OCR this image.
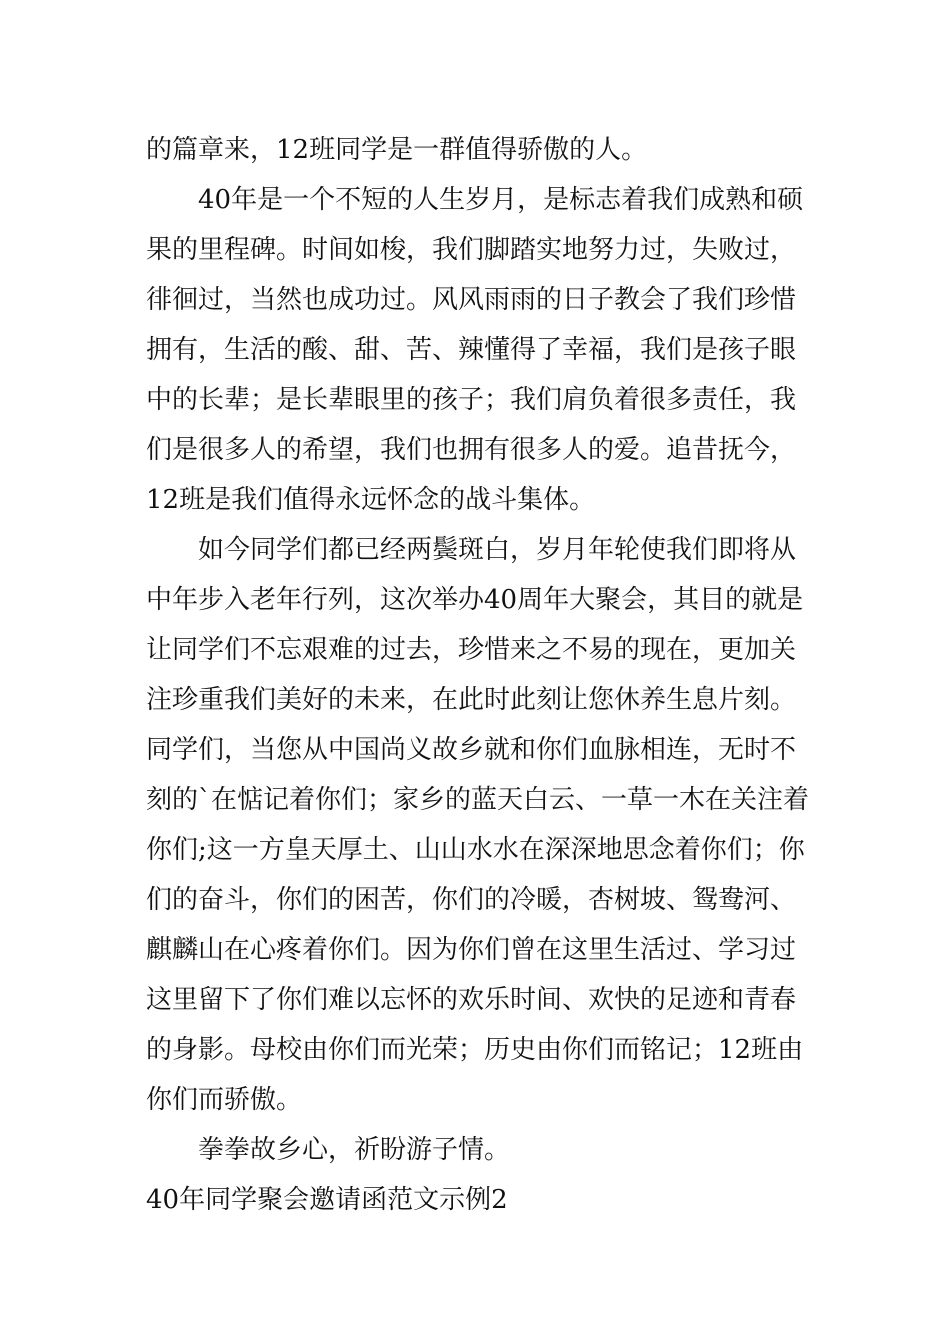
的篇章来，12班同学是一群值得骄傲的人。
40年是一个不短的人生岁月，是标志着我们成熟和硕
果的里程碑。时间如梭，我们脚踏实地努力过，失败过，
徘徊过，当然也成功过。风风雨雨的日子教会了我们珍惜
拥有，生活的酸、甜、苦、辣懂得了幸福，我们是孩子眼
中的长辈；是长辈眼里的孩子；我们肩负着很多责任，我
们是很多人的希望，我们也拥有很多人的爱。追昔抚今，
12班是我们值得永远怀念的战斗集体。
如今同学们都已经两鬓斑白，岁月年轮使我们即将从
中年步入老年行列，这次举办40周年大聚会，其目的就是
让同学们不忘艰难的过去，珍惜来之不易的现在，更加关
注珍重我们美好的未来，在此时此刻让您休养生息片刻。
同学们，当您从中国尚义故乡就和你们血脉相连，无时不
刻的`在惦记着你们；家乡的蓝天白云、一草一木在关注着
你们;这一方皇天厚土、山山水水在深深地思念着你们；你
们的奋斗，你们的困苦，你们的冷暖，杏树坡、鸳鸯河、
麒麟山在心疼着你们。因为你们曾在这里生活过、学习过
这里留下了你们难以忘怀的欢乐时间、欢快的足迹和青春
的身影。母校由你们而光荣；历史由你们而铭记；12班由
你们而骄傲。
拳拳故乡心，祈盼游子情。
40年同学聚会邀请函范文示例2
